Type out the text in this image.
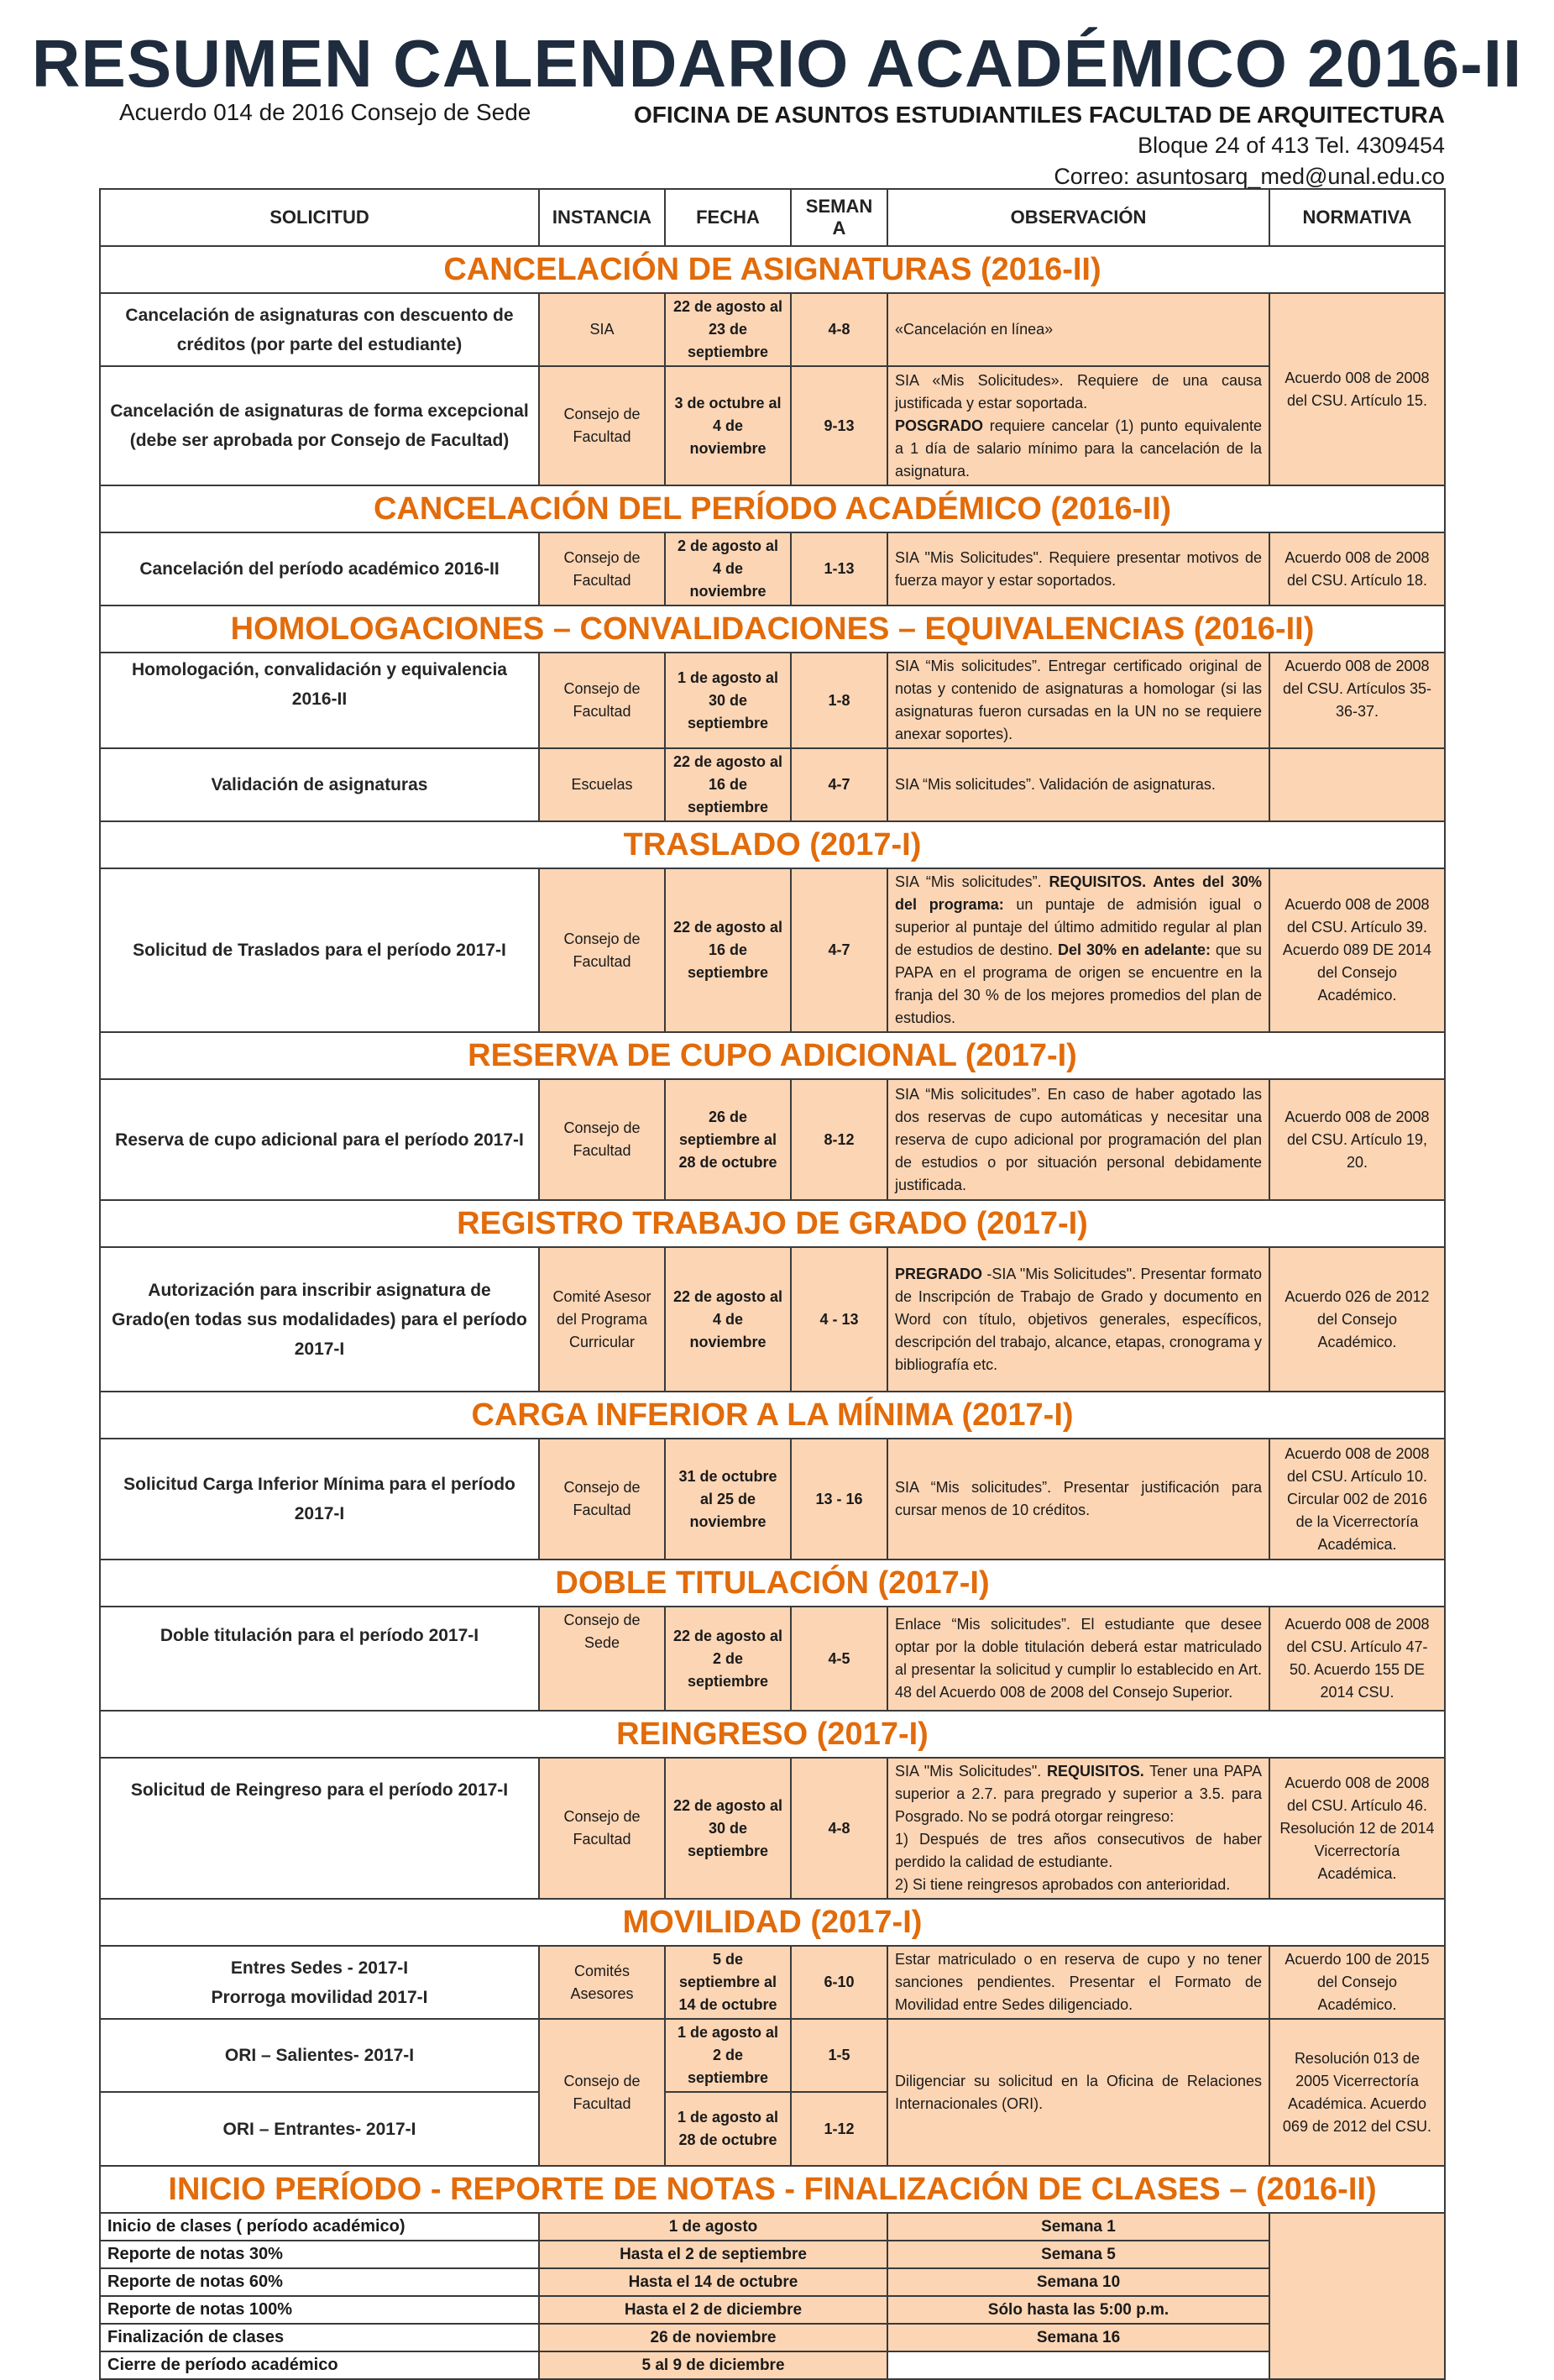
RESUMEN CALENDARIO ACADÉMICO 2016-II
Acuerdo 014 de 2016 Consejo de Sede	OFICINA DE ASUNTOS ESTUDIANTILES FACULTAD DE ARQUITECTURA
Bloque 24 of 413 Tel. 4309454
Correo: asuntosarq_med@unal.edu.co
SOLICITUD	INSTANCIA	FECHA	SEMAN A	OBSERVACIÓN	NORMATIVA
CANCELACIÓN DE ASIGNATURAS (2016-II)					
Cancelación de asignaturas con descuento de créditos (por parte del estudiante)	SIA	22 de agosto al 23 de septiembre	4-8	«Cancelación en línea»	Acuerdo 008 de 2008 del CSU. Artículo 15.
Cancelación de asignaturas de forma excepcional (debe ser aprobada por Consejo de Facultad)	Consejo de Facultad	3 de octubre al 4 de noviembre	9-13	SIA «Mis Solicitudes». Requiere de una causa justificada y estar soportada.
POSGRADO requiere cancelar (1) punto equivalente a 1 día de salario mínimo para la cancelación de la asignatura.	
CANCELACIÓN DEL PERÍODO ACADÉMICO (2016-II)					
Cancelación del período académico 2016-II	Consejo de Facultad	2 de agosto al 4 de noviembre	1-13	SIA "Mis Solicitudes". Requiere presentar motivos de fuerza mayor y estar soportados.	Acuerdo 008 de 2008 del CSU. Artículo 18.
HOMOLOGACIONES – CONVALIDACIONES – EQUIVALENCIAS (2016-II)					
Homologación, convalidación y equivalencia 2016-II	Consejo de Facultad	1 de agosto al 30 de septiembre	1-8	SIA “Mis solicitudes”. Entregar certificado original de notas y contenido de asignaturas a homologar (si las asignaturas fueron cursadas en la UN no se requiere anexar soportes).	Acuerdo 008 de 2008 del CSU. Artículos 35-36-37.
Validación de asignaturas	Escuelas	22 de agosto al 16 de septiembre	4-7	SIA “Mis solicitudes”. Validación de asignaturas.	
TRASLADO (2017-I)					
Solicitud de Traslados para el período 2017-I	Consejo de Facultad	22 de agosto al 16 de septiembre	4-7	SIA “Mis solicitudes”. REQUISITOS. Antes del 30% del programa: un puntaje de admisión igual o superior al puntaje del último admitido regular al plan de estudios de destino. Del 30% en adelante: que su PAPA en el programa de origen se encuentre en la franja del 30 % de los mejores promedios del plan de estudios.	Acuerdo 008 de 2008 del CSU. Artículo 39. Acuerdo 089 DE 2014 del Consejo Académico.
RESERVA DE CUPO ADICIONAL (2017-I)					
Reserva de cupo adicional para el período 2017-I	Consejo de Facultad	26 de septiembre al 28 de octubre	8-12	SIA “Mis solicitudes”. En caso de haber agotado las dos reservas de cupo automáticas y necesitar una reserva de cupo adicional por programación del plan de estudios o por situación personal debidamente justificada.	Acuerdo 008 de 2008 del CSU. Artículo 19, 20.
REGISTRO TRABAJO DE GRADO (2017-I)					
Autorización para inscribir asignatura de Grado(en todas sus modalidades) para el período 2017-I	Comité Asesor del Programa Curricular	22 de agosto al 4 de noviembre	4 - 13	PREGRADO -SIA "Mis Solicitudes". Presentar formato de Inscripción de Trabajo de Grado y documento en Word con título, objetivos generales, específicos, descripción del trabajo, alcance, etapas, cronograma y bibliografía etc.	Acuerdo 026 de 2012 del Consejo Académico.
CARGA INFERIOR A LA MÍNIMA (2017-I)					
Solicitud Carga Inferior Mínima para el período 2017-I	Consejo de Facultad	31 de octubre al 25 de noviembre	13 - 16	SIA “Mis solicitudes”. Presentar justificación para cursar menos de 10 créditos.	Acuerdo 008 de 2008 del CSU. Artículo 10. Circular 002 de 2016 de la Vicerrectoría Académica.
DOBLE TITULACIÓN (2017-I)					
Doble titulación para el período 2017-I	Consejo de Sede	22 de agosto al 2 de septiembre	4-5	Enlace “Mis solicitudes”. El estudiante que desee optar por la doble titulación deberá estar matriculado al presentar la solicitud y cumplir lo establecido en Art. 48 del Acuerdo 008 de 2008 del Consejo Superior.	Acuerdo 008 de 2008 del CSU. Artículo 47-50. Acuerdo 155 DE 2014 CSU.
REINGRESO (2017-I)					
Solicitud de Reingreso para el período 2017-I	Consejo de Facultad	22 de agosto al 30 de septiembre	4-8	SIA "Mis Solicitudes". REQUISITOS. Tener una PAPA superior a 2.7. para pregrado y superior a 3.5. para Posgrado. No se podrá otorgar reingreso:
1) Después de tres años consecutivos de haber perdido la calidad de estudiante.
2) Si tiene reingresos aprobados con anterioridad.	Acuerdo 008 de 2008 del CSU. Artículo 46. Resolución 12 de 2014 Vicerrectoría Académica.
MOVILIDAD (2017-I)					
Entres Sedes - 2017-I
Prorroga movilidad 2017-I	Comités Asesores	5 de septiembre al 14 de octubre	6-10	Estar matriculado o en reserva de cupo y no tener sanciones pendientes. Presentar el Formato de Movilidad entre Sedes diligenciado.	Acuerdo 100 de 2015 del Consejo Académico.
ORI – Salientes- 2017-I	Consejo de Facultad	1 de agosto al 2 de septiembre	1-5	Diligenciar su solicitud en la Oficina de Relaciones Internacionales (ORI).	Resolución 013 de 2005 Vicerrectoría Académica. Acuerdo 069 de 2012 del CSU.
ORI – Entrantes- 2017-I		1 de agosto al 28 de octubre	1-12		
INICIO PERÍODO - REPORTE DE NOTAS - FINALIZACIÓN DE CLASES – (2016-II)					
Inicio de clases ( período académico)	1 de agosto			Semana 1	
Reporte de notas 30%	Hasta el 2 de septiembre			Semana 5	
Reporte de notas 60%	Hasta el 14 de octubre			Semana 10	
Reporte de notas 100%	Hasta el 2 de diciembre			Sólo hasta las 5:00 p.m.	
Finalización de clases	26 de noviembre			Semana 16	
Cierre de período académico	5 al 9 de diciembre				
